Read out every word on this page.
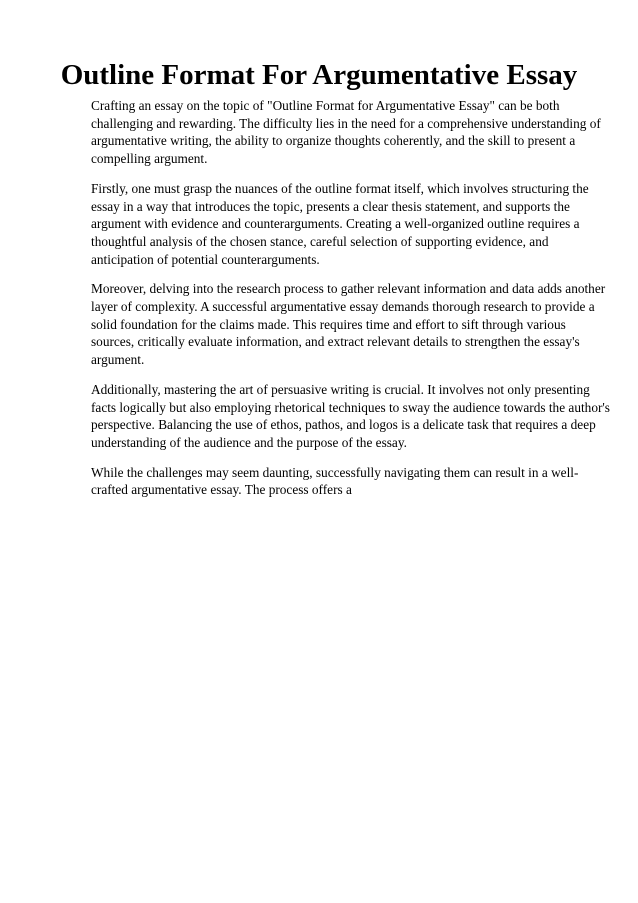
Outline Format For Argumentative Essay

Crafting an essay on the topic of "Outline Format for Argumentative Essay" can be both
challenging and rewarding. The difficulty lies in the need for a comprehensive understanding of
argumentative writing, the ability to organize thoughts coherently, and the skill to present a
compelling argument.

Firstly, one must grasp the nuances of the outline format itself, which involves structuring the
essay in a way that introduces the topic, presents a clear thesis statement, and supports the
argument with evidence and counterarguments. Creating a well-organized outline requires a
thoughtful analysis of the chosen stance, careful selection of supporting evidence, and
anticipation of potential counterarguments.

Moreover, delving into the research process to gather relevant information and data adds another
layer of complexity. A successful argumentative essay demands thorough research to provide a
solid foundation for the claims made. This requires time and effort to sift through various
sources, critically evaluate information, and extract relevant details to strengthen the essay's
argument.

Additionally, mastering the art of persuasive writing is crucial. It involves not only presenting
facts logically but also employing rhetorical techniques to sway the audience towards the author's
perspective. Balancing the use of ethos, pathos, and logos is a delicate task that requires a deep
understanding of the audience and the purpose of the essay.

While the challenges may seem daunting, successfully navigating them can result in a well-
crafted argumentative essay. The process offers a
